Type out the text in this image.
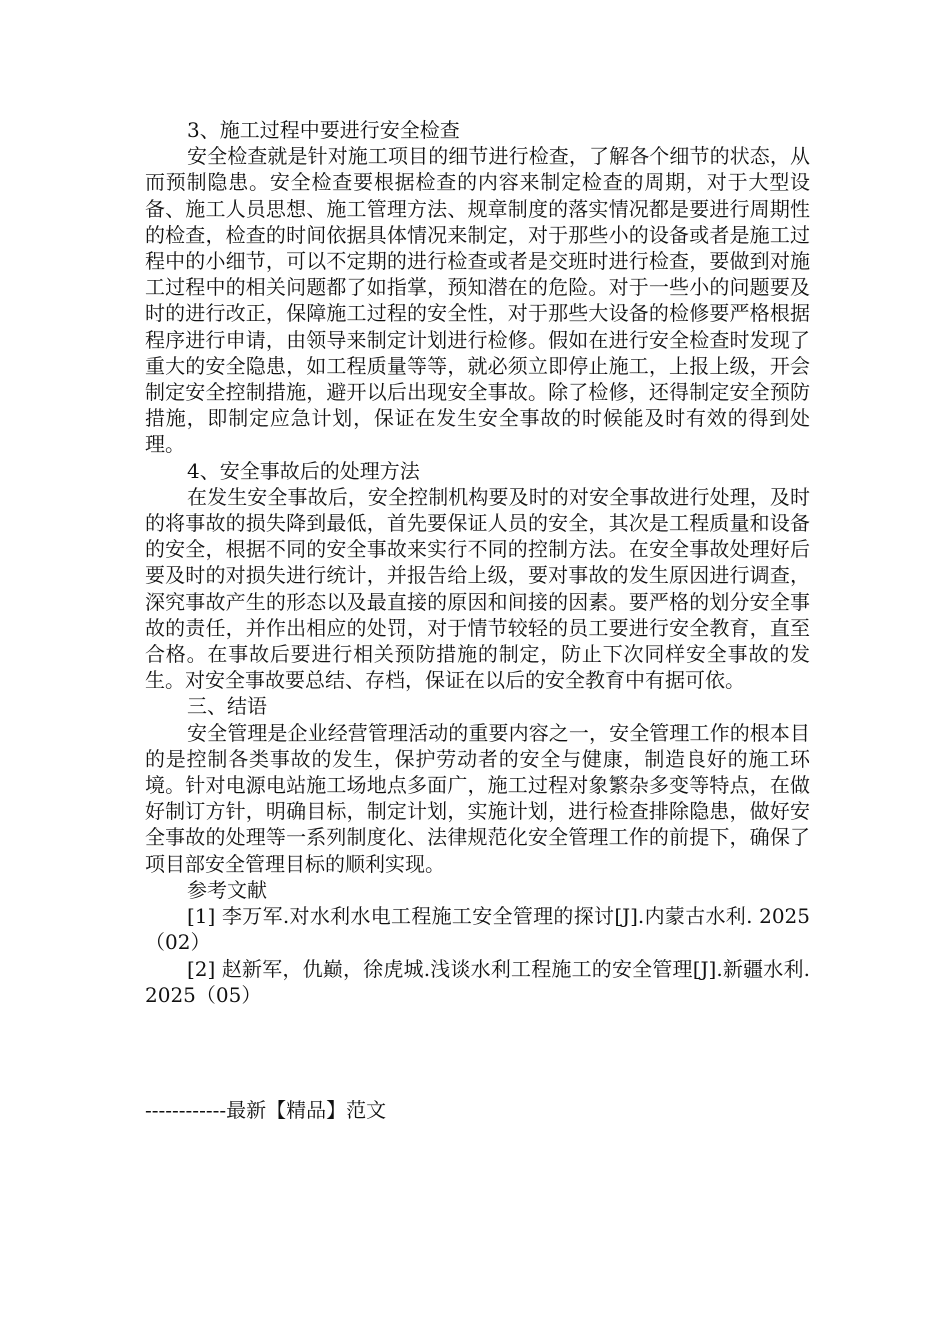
3、施工过程中要进行安全检查

安全检查就是针对施工项目的细节进行检查，了解各个细节的状态，从而预制隐患。安全检查要根据检查的内容来制定检查的周期，对于大型设备、施工人员思想、施工管理方法、规章制度的落实情况都是要进行周期性的检查，检查的时间依据具体情况来制定，对于那些小的设备或者是施工过程中的小细节，可以不定期的进行检查或者是交班时进行检查，要做到对施工过程中的相关问题都了如指掌，预知潜在的危险。对于一些小的问题要及时的进行改正，保障施工过程的安全性，对于那些大设备的检修要严格根据程序进行申请，由领导来制定计划进行检修。假如在进行安全检查时发现了重大的安全隐患，如工程质量等等，就必须立即停止施工，上报上级，开会制定安全控制措施，避开以后出现安全事故。除了检修，还得制定安全预防措施，即制定应急计划，保证在发生安全事故的时候能及时有效的得到处理。

4、安全事故后的处理方法

在发生安全事故后，安全控制机构要及时的对安全事故进行处理，及时的将事故的损失降到最低，首先要保证人员的安全，其次是工程质量和设备的安全，根据不同的安全事故来实行不同的控制方法。在安全事故处理好后要及时的对损失进行统计，并报告给上级，要对事故的发生原因进行调查，深究事故产生的形态以及最直接的原因和间接的因素。要严格的划分安全事故的责任，并作出相应的处罚，对于情节较轻的员工要进行安全教育，直至合格。在事故后要进行相关预防措施的制定，防止下次同样安全事故的发生。对安全事故要总结、存档，保证在以后的安全教育中有据可依。

三、结语

安全管理是企业经营管理活动的重要内容之一，安全管理工作的根本目的是控制各类事故的发生，保护劳动者的安全与健康，制造良好的施工环境。针对电源电站施工场地点多面广，施工过程对象繁杂多变等特点，在做好制订方针，明确目标，制定计划，实施计划，进行检查排除隐患，做好安全事故的处理等一系列制度化、法律规范化安全管理工作的前提下，确保了项目部安全管理目标的顺利实现。

参考文献

[1] 李万军.对水利水电工程施工安全管理的探讨[J].内蒙古水利. 2025（02）

[2] 赵新军，仇巅，徐虎城.浅谈水利工程施工的安全管理[J].新疆水利. 2025（05）

------------最新【精品】范文
